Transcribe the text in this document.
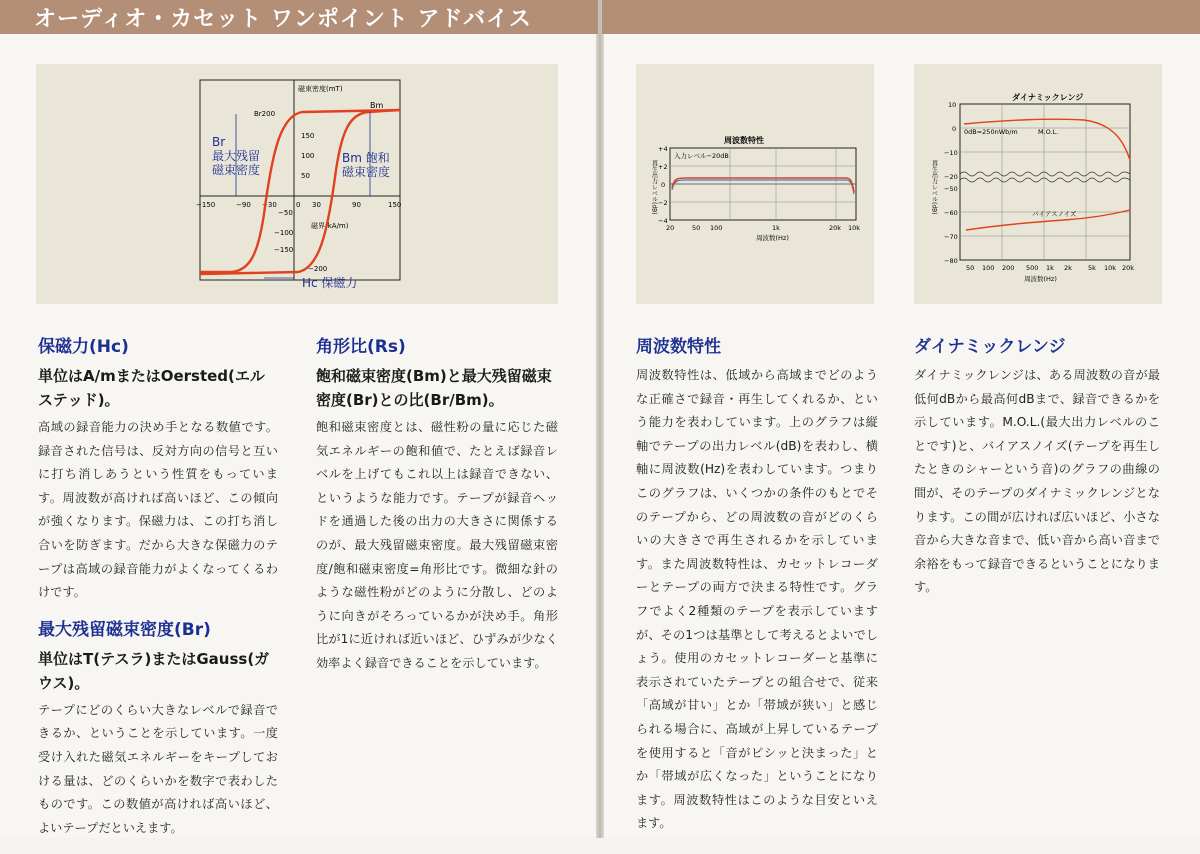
オーディオ・カセット ワンポイント アドバイス
磁束密度(mT)
磁界(kA/m)
Br200
Bm
150
100
50
−50
−100
−150
−200
−150	−90 −30	0 30	90	150
Br
最大残留
磁束密度
Bm 飽和
磁束密度
Hc 保磁力
周波数特性
入力レベル−20dB
+4
+2
0
−2
−4
再生出力レベル(dB)
20	50 100	1k	20k 10k
周波数(Hz)
ダイナミックレンジ
0dB=250nWb/m	M.O.L.
バイアスノイズ
10
0
−10
−20
−50
−60
−70
−80
再生出力レベル(dB)
50 100 200 500 1k 2k 5k 10k 20k
周波数(Hz)
保磁力(Hc)

単位はA/mまたはOersted(エルステッド)。

高域の録音能力の決め手となる数値です。録音された信号は、反対方向の信号と互いに打ち消しあうという性質をもっています。周波数が高ければ高いほど、この傾向が強くなります。保磁力は、この打ち消し合いを防ぎます。だから大きな保磁力のテープは高域の録音能力がよくなってくるわけです。

最大残留磁束密度(Br)

単位はT(テスラ)またはGauss(ガウス)。

テープにどのくらい大きなレベルで録音できるか、ということを示しています。一度受け入れた磁気エネルギーをキープしておける量は、どのくらいかを数字で表わしたものです。この数値が高ければ高いほど、よいテープだといえます。

角形比(Rs)

飽和磁束密度(Bm)と最大残留磁束密度(Br)との比(Br/Bm)。

飽和磁束密度とは、磁性粉の量に応じた磁気エネルギーの飽和値で、たとえば録音レベルを上げてもこれ以上は録音できない、というような能力です。テープが録音ヘッドを通過した後の出力の大きさに関係するのが、最大残留磁束密度。最大残留磁束密度/飽和磁束密度=角形比です。微細な針のような磁性粉がどのように分散し、どのように向きがそろっているかが決め手。角形比が1に近ければ近いほど、ひずみが少なく効率よく録音できることを示しています。

周波数特性

周波数特性は、低域から高域までどのような正確さで録音・再生してくれるか、という能力を表わしています。上のグラフは縦軸でテープの出力レベル(dB)を表わし、横軸に周波数(Hz)を表わしています。つまりこのグラフは、いくつかの条件のもとでそのテープから、どの周波数の音がどのくらいの大きさで再生されるかを示しています。また周波数特性は、カセットレコーダーとテープの両方で決まる特性です。グラフでよく2種類のテープを表示していますが、その1つは基準として考えるとよいでしょう。使用のカセットレコーダーと基準に表示されていたテープとの組合せで、従来「高域が甘い」とか「帯域が狭い」と感じられる場合に、高域が上昇しているテープを使用すると「音がピシッと決まった」とか「帯域が広くなった」ということになります。周波数特性はこのような目安といえます。

ダイナミックレンジ

ダイナミックレンジは、ある周波数の音が最低何dBから最高何dBまで、録音できるかを示しています。M.O.L.(最大出力レベルのことです)と、バイアスノイズ(テープを再生したときのシャーという音)のグラフの曲線の間が、そのテープのダイナミックレンジとなります。この間が広ければ広いほど、小さな音から大きな音まで、低い音から高い音まで余裕をもって録音できるということになります。
